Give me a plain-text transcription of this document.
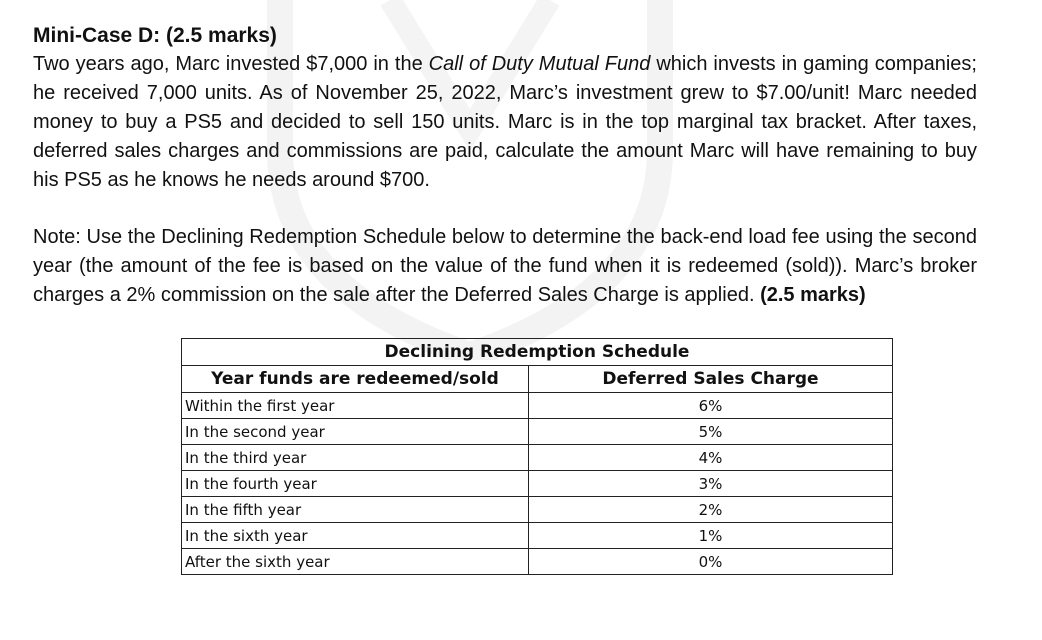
Mini-Case D: (2.5 marks)

Two years ago, Marc invested $7,000 in the Call of Duty Mutual Fund which invests in gaming companies; he received 7,000 units. As of November 25, 2022, Marc’s investment grew to $7.00/unit! Marc needed money to buy a PS5 and decided to sell 150 units. Marc is in the top marginal tax bracket. After taxes, deferred sales charges and commissions are paid, calculate the amount Marc will have remaining to buy his PS5 as he knows he needs around $700.

Note: Use the Declining Redemption Schedule below to determine the back-end load fee using the second year (the amount of the fee is based on the value of the fund when it is redeemed (sold)). Marc’s broker charges a 2% commission on the sale after the Deferred Sales Charge is applied. (2.5 marks)

Declining Redemption Schedule	
Year funds are redeemed/sold	Deferred Sales Charge
Within the first year	6%
In the second year	5%
In the third year	4%
In the fourth year	3%
In the fifth year	2%
In the sixth year	1%
After the sixth year	0%
